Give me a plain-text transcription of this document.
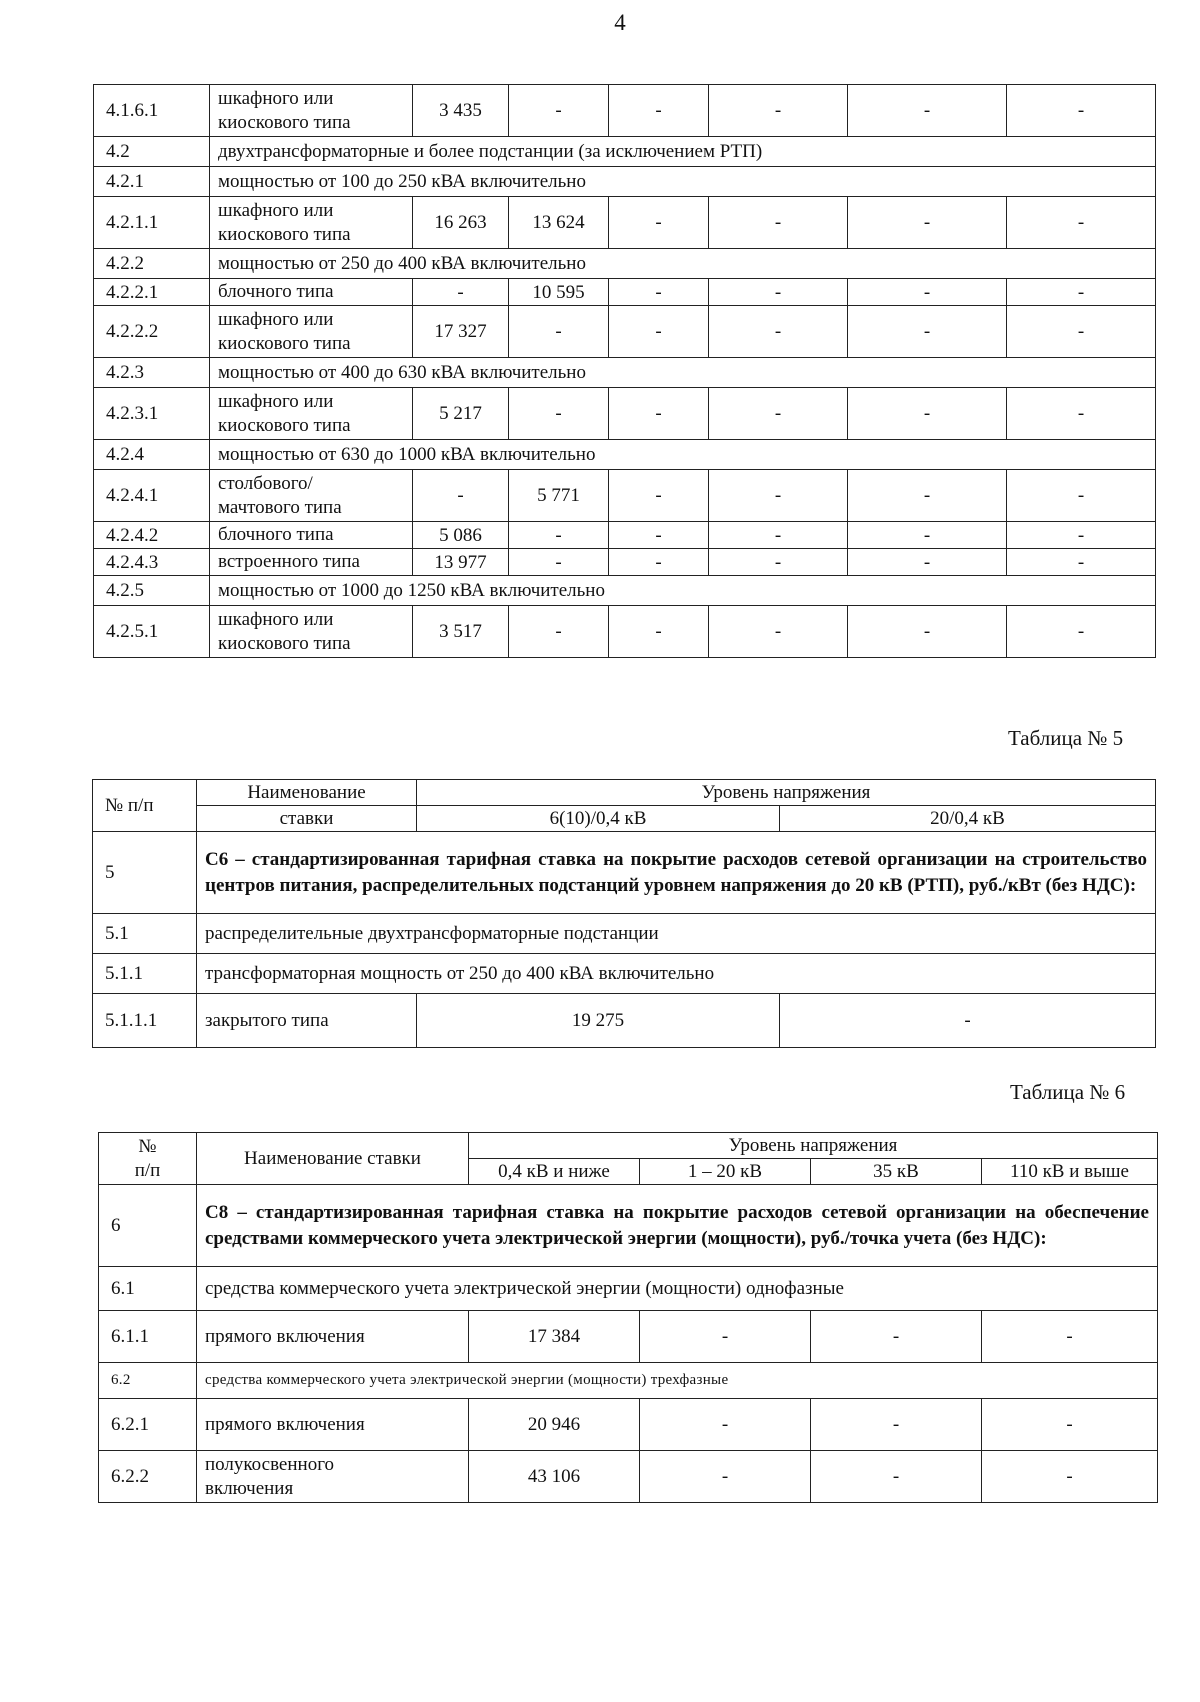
4
4.1.6.1	шкафного или
киоскового типа	3 435	-	-	-	-	-
4.2	двухтрансформаторные и более подстанции (за исключением РТП)						
4.2.1	мощностью от 100 до 250 кВА включительно						
4.2.1.1	шкафного или
киоскового типа	16 263	13 624	-	-	-	-
4.2.2	мощностью от 250 до 400 кВА включительно						
4.2.2.1	блочного типа	-	10 595	-	-	-	-
4.2.2.2	шкафного или
киоскового типа	17 327	-	-	-	-	-
4.2.3	мощностью от 400 до 630 кВА включительно						
4.2.3.1	шкафного или
киоскового типа	5 217	-	-	-	-	-
4.2.4	мощностью от 630 до 1000 кВА включительно						
4.2.4.1	столбового/
мачтового типа	-	5 771	-	-	-	-
4.2.4.2	блочного типа	5 086	-	-	-	-	-
4.2.4.3	встроенного типа	13 977	-	-	-	-	-
4.2.5	мощностью от 1000 до 1250 кВА включительно						
4.2.5.1	шкафного или
киоскового типа	3 517	-	-	-	-	-
Таблица № 5
№ п/п	Наименование	Уровень напряжения	
	ставки	6(10)/0,4 кВ	20/0,4 кВ
5	С6 – стандартизированная тарифная ставка на покрытие расходов сетевой организации на строительство центров питания, распределительных подстанций уровнем напряжения до 20 кВ (РТП), руб./кВт (без НДС):		
5.1	распределительные двухтрансформаторные подстанции		
5.1.1	трансформаторная мощность от 250 до 400 кВА включительно		
5.1.1.1	закрытого типа	19 275	-
Таблица № 6
№
п/п	Наименование ставки	Уровень напряжения			
		0,4 кВ и ниже	1 – 20 кВ	35 кВ	110 кВ и выше
6	С8 – стандартизированная тарифная ставка на покрытие расходов сетевой организации на обеспечение средствами коммерческого учета электрической энергии (мощности), руб./точка учета (без НДС):				
6.1	средства коммерческого учета электрической энергии (мощности) однофазные				
6.1.1	прямого включения	17 384	-	-	-
6.2	средства коммерческого учета электрической энергии (мощности) трехфазные				
6.2.1	прямого включения	20 946	-	-	-
6.2.2	полукосвенного
включения	43 106	-	-	-
